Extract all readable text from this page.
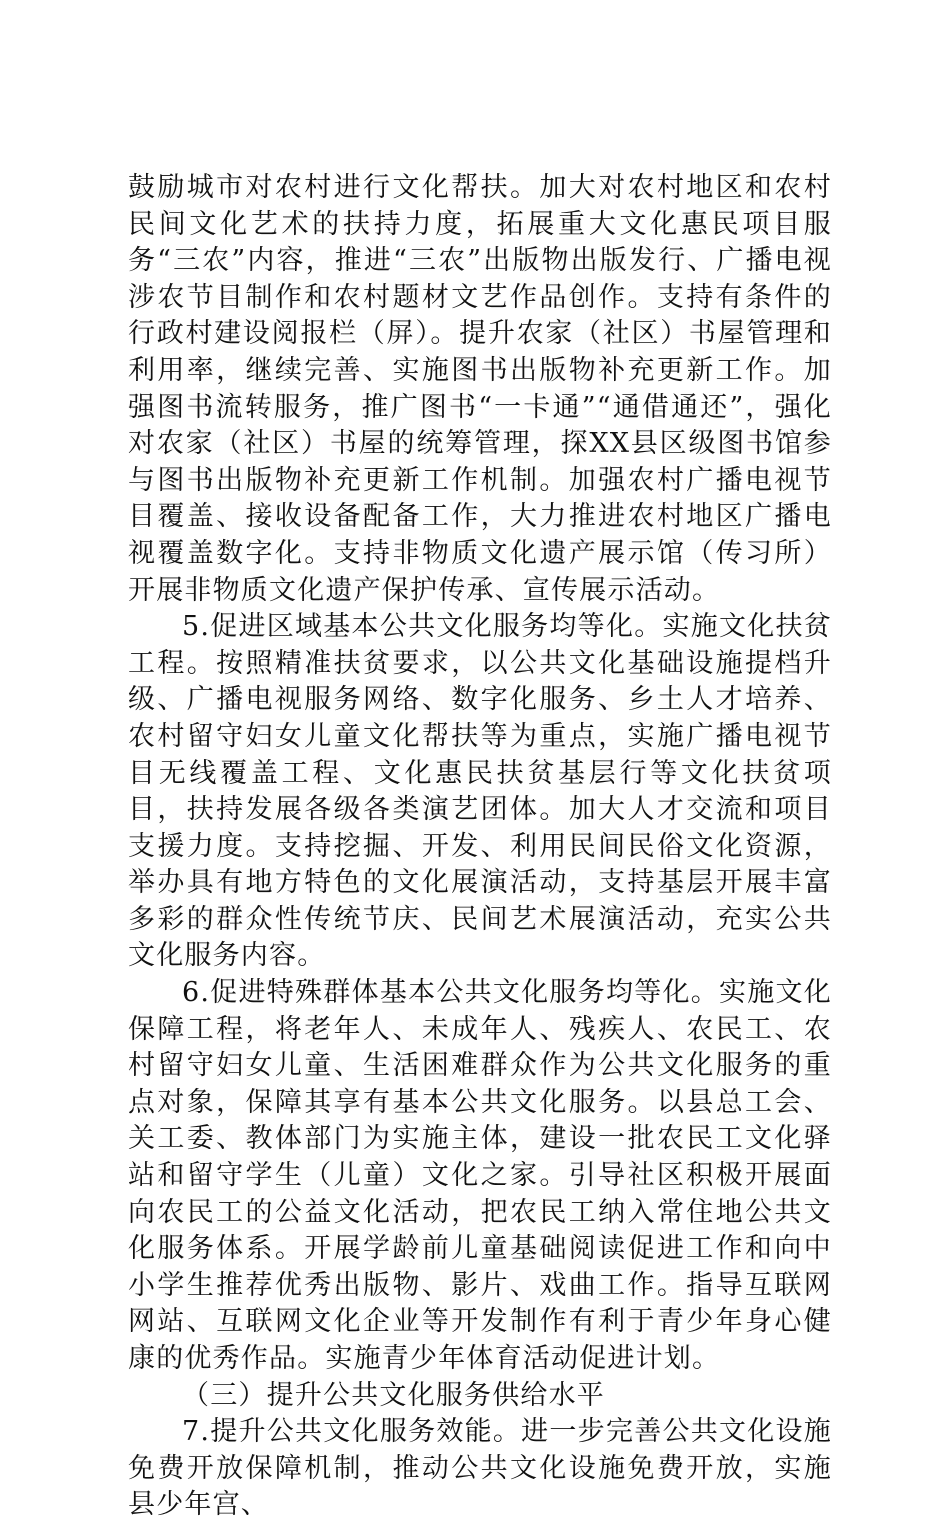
鼓励城市对农村进行文化帮扶。加大对农村地区和农村民间文化艺术的扶持力度，拓展重大文化惠民项目服务“三农”内容，推进“三农”出版物出版发行、广播电视涉农节目制作和农村题材文艺作品创作。支持有条件的行政村建设阅报栏（屏）。提升农家（社区）书屋管理和利用率，继续完善、实施图书出版物补充更新工作。加强图书流转服务，推广图书“一卡通”“通借通还”，强化对农家（社区）书屋的统筹管理，探XX县区级图书馆参与图书出版物补充更新工作机制。加强农村广播电视节目覆盖、接收设备配备工作，大力推进农村地区广播电视覆盖数字化。支持非物质文化遗产展示馆（传习所）开展非物质文化遗产保护传承、宣传展示活动。

5.促进区域基本公共文化服务均等化。实施文化扶贫工程。按照精准扶贫要求，以公共文化基础设施提档升级、广播电视服务网络、数字化服务、乡土人才培养、农村留守妇女儿童文化帮扶等为重点，实施广播电视节目无线覆盖工程、文化惠民扶贫基层行等文化扶贫项目，扶持发展各级各类演艺团体。加大人才交流和项目支援力度。支持挖掘、开发、利用民间民俗文化资源，举办具有地方特色的文化展演活动，支持基层开展丰富多彩的群众性传统节庆、民间艺术展演活动，充实公共文化服务内容。

6.促进特殊群体基本公共文化服务均等化。实施文化保障工程，将老年人、未成年人、残疾人、农民工、农村留守妇女儿童、生活困难群众作为公共文化服务的重点对象，保障其享有基本公共文化服务。以县总工会、关工委、教体部门为实施主体，建设一批农民工文化驿站和留守学生（儿童）文化之家。引导社区积极开展面向农民工的公益文化活动，把农民工纳入常住地公共文化服务体系。开展学龄前儿童基础阅读促进工作和向中小学生推荐优秀出版物、影片、戏曲工作。指导互联网网站、互联网文化企业等开发制作有利于青少年身心健康的优秀作品。实施青少年体育活动促进计划。

（三）提升公共文化服务供给水平

7.提升公共文化服务效能。进一步完善公共文化设施免费开放保障机制，推动公共文化设施免费开放，实施县少年宫、
